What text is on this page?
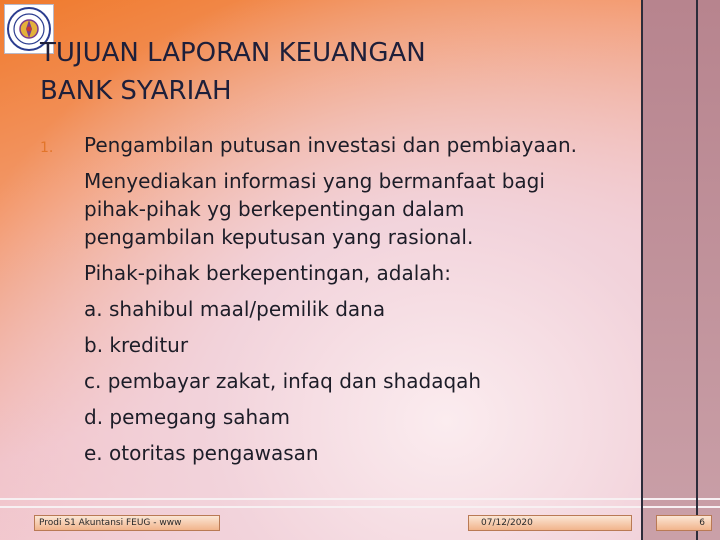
TUJUAN LAPORAN KEUANGAN
BANK SYARIAH
1. Pengambilan putusan investasi dan pembiayaan.

Menyediakan informasi yang bermanfaat bagi pihak-pihak yg berkepentingan dalam pengambilan keputusan yang rasional.

Pihak-pihak berkepentingan, adalah:

a. shahibul maal/pemilik dana

b. kreditur

c. pembayar zakat, infaq dan shadaqah

d. pemegang saham

e. otoritas pengawasan

Prodi S1 Akuntansi FEUG - www	07/12/2020	6
